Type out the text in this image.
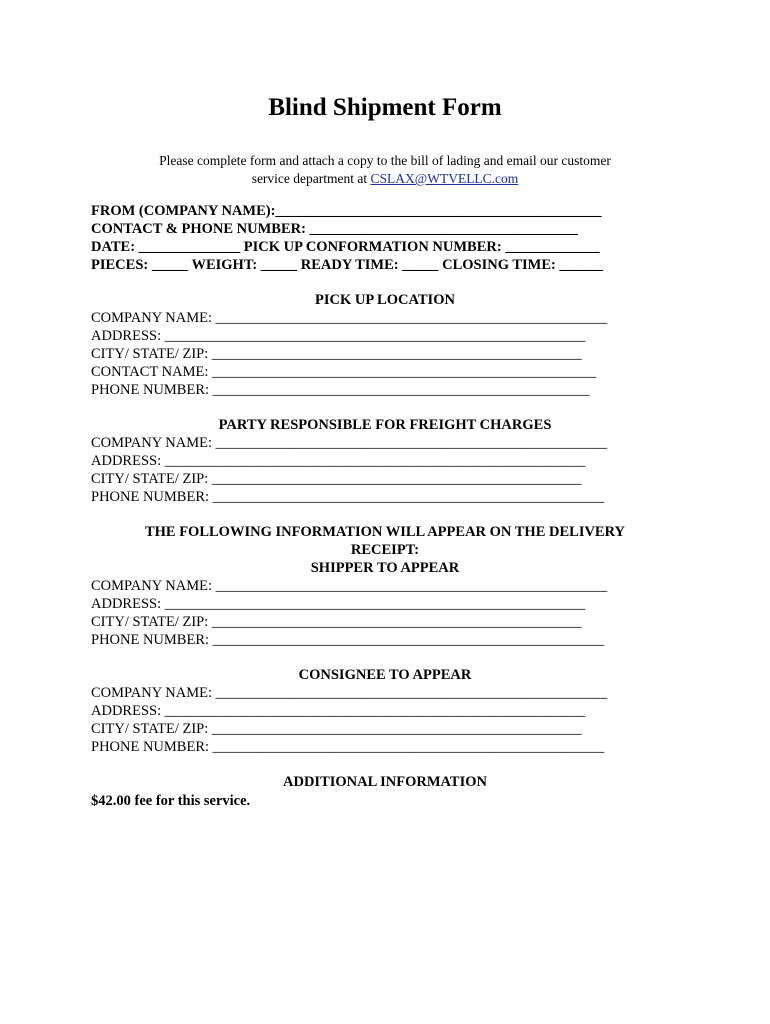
Blind Shipment Form
Please complete form and attach a copy to the bill of lading and email our customer
service department at CSLAX@WTVELLC.com
FROM (COMPANY NAME):_____________________________________________
CONTACT & PHONE NUMBER: _____________________________________
DATE: ______________ PICK UP CONFORMATION NUMBER: _____________
PIECES: _____ WEIGHT: _____ READY TIME: _____ CLOSING TIME: ______
PICK UP LOCATION
COMPANY NAME: ______________________________________________________
ADDRESS: __________________________________________________________
CITY/ STATE/ ZIP: ___________________________________________________
CONTACT NAME: _____________________________________________________
PHONE NUMBER: ____________________________________________________
PARTY RESPONSIBLE FOR FREIGHT CHARGES
COMPANY NAME: ______________________________________________________
ADDRESS: __________________________________________________________
CITY/ STATE/ ZIP: ___________________________________________________
PHONE NUMBER: ______________________________________________________
THE FOLLOWING INFORMATION WILL APPEAR ON THE DELIVERY
RECEIPT:
SHIPPER TO APPEAR
COMPANY NAME: ______________________________________________________
ADDRESS: __________________________________________________________
CITY/ STATE/ ZIP: ___________________________________________________
PHONE NUMBER: ______________________________________________________
CONSIGNEE TO APPEAR
COMPANY NAME: ______________________________________________________
ADDRESS: __________________________________________________________
CITY/ STATE/ ZIP: ___________________________________________________
PHONE NUMBER: ______________________________________________________
ADDITIONAL INFORMATION
$42.00 fee for this service.
